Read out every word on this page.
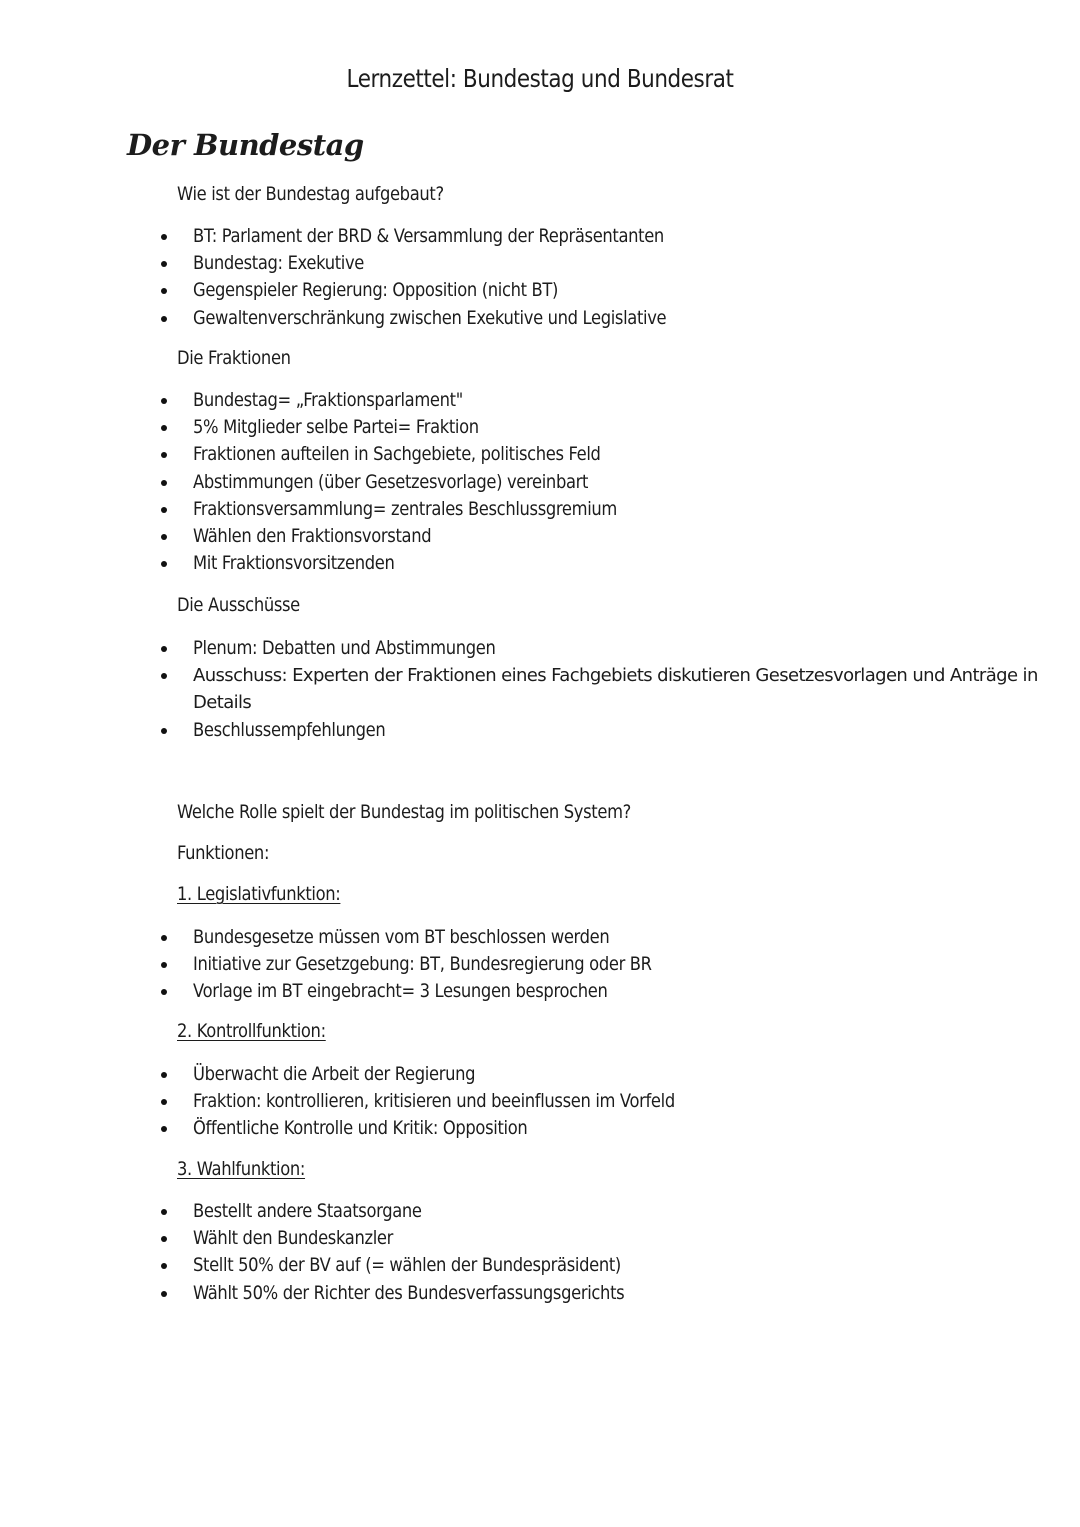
Lernzettel: Bundestag und Bundesrat
Der Bundestag
Wie ist der Bundestag aufgebaut?
BT: Parlament der BRD & Versammlung der Repräsentanten
Bundestag: Exekutive
Gegenspieler Regierung: Opposition (nicht BT)
Gewaltenverschränkung zwischen Exekutive und Legislative
Die Fraktionen
Bundestag= „Fraktionsparlament"
5% Mitglieder selbe Partei= Fraktion
Fraktionen aufteilen in Sachgebiete, politisches Feld
Abstimmungen (über Gesetzesvorlage) vereinbart
Fraktionsversammlung= zentrales Beschlussgremium
Wählen den Fraktionsvorstand
Mit Fraktionsvorsitzenden
Die Ausschüsse
Plenum: Debatten und Abstimmungen
Ausschuss: Experten der Fraktionen eines Fachgebiets diskutieren Gesetzesvorlagen und Anträge in Details
Beschlussempfehlungen
Welche Rolle spielt der Bundestag im politischen System?
Funktionen:
1. Legislativfunktion:
Bundesgesetze müssen vom BT beschlossen werden
Initiative zur Gesetzgebung: BT, Bundesregierung oder BR
Vorlage im BT eingebracht= 3 Lesungen besprochen
2. Kontrollfunktion:
Überwacht die Arbeit der Regierung
Fraktion: kontrollieren, kritisieren und beeinflussen im Vorfeld
Öffentliche Kontrolle und Kritik: Opposition
3. Wahlfunktion:
Bestellt andere Staatsorgane
Wählt den Bundeskanzler
Stellt 50% der BV auf (= wählen der Bundespräsident)
Wählt 50% der Richter des Bundesverfassungsgerichts
